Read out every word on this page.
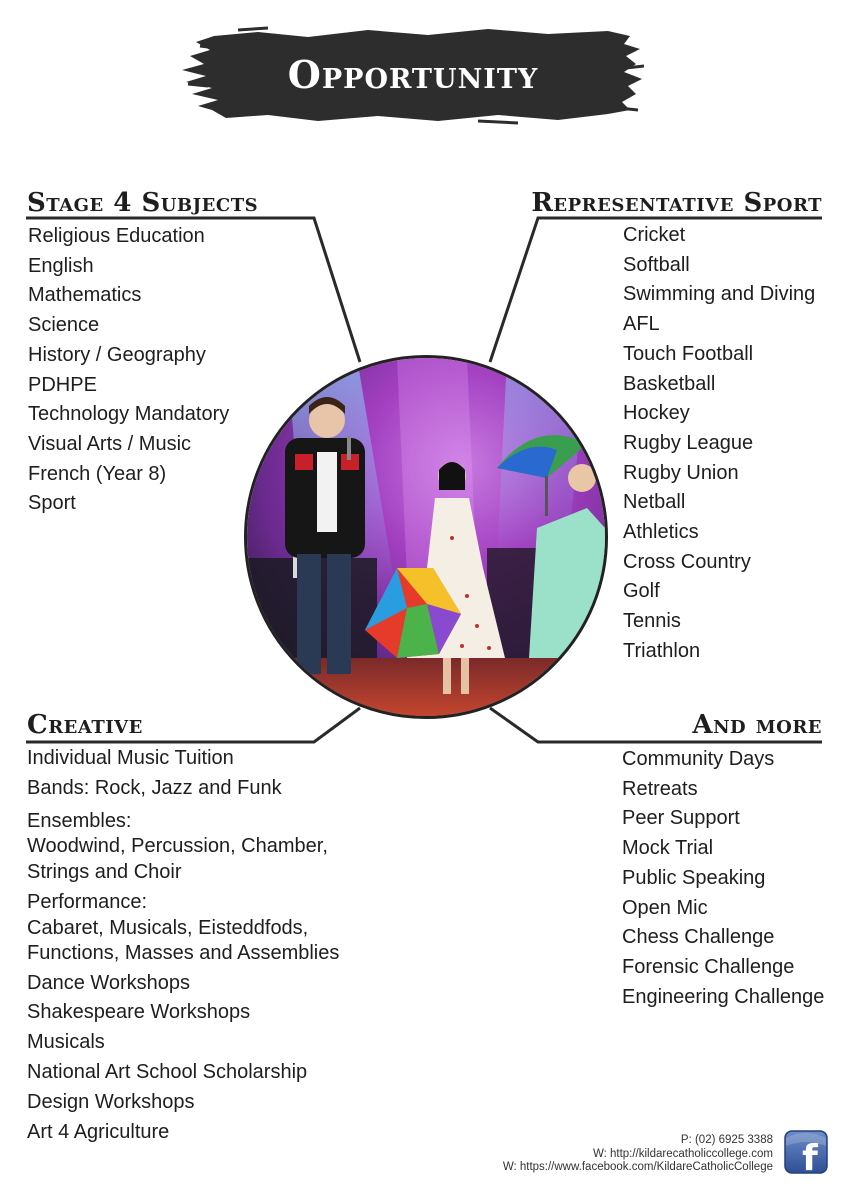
Opportunity
Stage 4 Subjects
Religious Education
English
Mathematics
Science
History / Geography
PDHPE
Technology Mandatory
Visual Arts / Music
French (Year 8)
Sport
Representative Sport
Cricket
Softball
Swimming and Diving
AFL
Touch Football
Basketball
Hockey
Rugby League
Rugby Union
Netball
Athletics
Cross Country
Golf
Tennis
Triathlon
Creative
Individual Music Tuition
Bands: Rock, Jazz and Funk
Ensembles:
Woodwind, Percussion, Chamber,
Strings and Choir
Performance:
Cabaret, Musicals, Eisteddfods,
Functions, Masses and Assemblies
Dance Workshops
Shakespeare Workshops
Musicals
National Art School Scholarship
Design Workshops
Art 4 Agriculture
And more
Community Days
Retreats
Peer Support
Mock Trial
Public Speaking
Open Mic
Chess Challenge
Forensic Challenge
Engineering Challenge
P: (02) 6925 3388
W: http://kildarecatholiccollege.com
W: https://www.facebook.com/KildareCatholicCollege f
